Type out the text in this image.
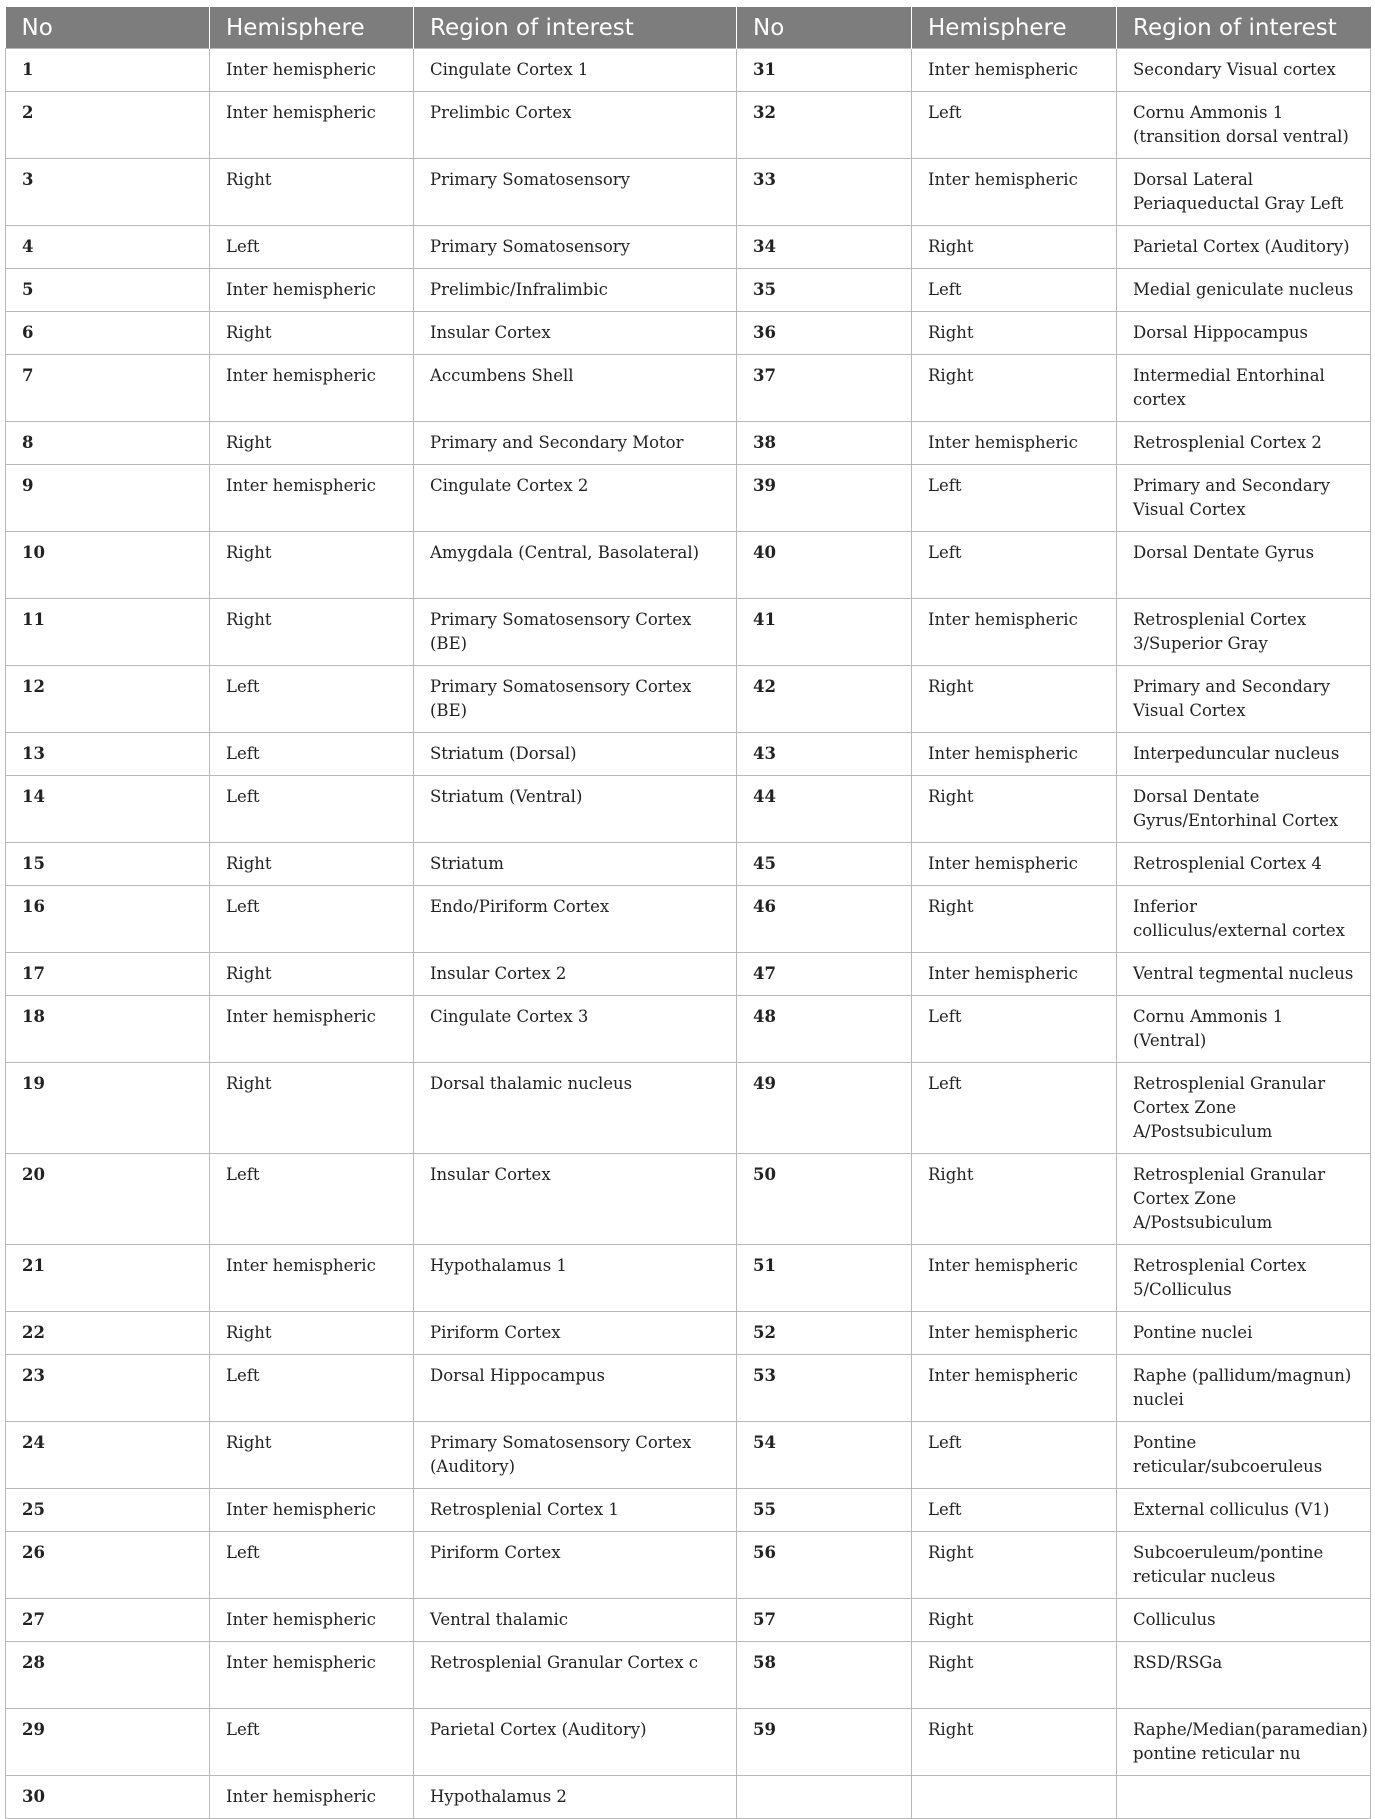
No	Hemisphere	Region of interest	No	Hemisphere	Region of interest
1	Inter hemispheric	Cingulate Cortex 1	31	Inter hemispheric	Secondary Visual cortex
2	Inter hemispheric	Prelimbic Cortex	32	Left	Cornu Ammonis 1 (transition dorsal ventral)
3	Right	Primary Somatosensory	33	Inter hemispheric	Dorsal Lateral Periaqueductal Gray Left
4	Left	Primary Somatosensory	34	Right	Parietal Cortex (Auditory)
5	Inter hemispheric	Prelimbic/Infralimbic	35	Left	Medial geniculate nucleus
6	Right	Insular Cortex	36	Right	Dorsal Hippocampus
7	Inter hemispheric	Accumbens Shell	37	Right	Intermedial Entorhinal cortex
8	Right	Primary and Secondary Motor	38	Inter hemispheric	Retrosplenial Cortex 2
9	Inter hemispheric	Cingulate Cortex 2	39	Left	Primary and Secondary Visual Cortex
10	Right	Amygdala (Central, Basolateral)	40	Left	Dorsal Dentate Gyrus
11	Right	Primary Somatosensory Cortex (BE)	41	Inter hemispheric	Retrosplenial Cortex 3/Superior Gray
12	Left	Primary Somatosensory Cortex (BE)	42	Right	Primary and Secondary Visual Cortex
13	Left	Striatum (Dorsal)	43	Inter hemispheric	Interpeduncular nucleus
14	Left	Striatum (Ventral)	44	Right	Dorsal Dentate Gyrus/Entorhinal Cortex
15	Right	Striatum	45	Inter hemispheric	Retrosplenial Cortex 4
16	Left	Endo/Piriform Cortex	46	Right	Inferior colliculus/external cortex
17	Right	Insular Cortex 2	47	Inter hemispheric	Ventral tegmental nucleus
18	Inter hemispheric	Cingulate Cortex 3	48	Left	Cornu Ammonis 1 (Ventral)
19	Right	Dorsal thalamic nucleus	49	Left	Retrosplenial Granular Cortex Zone A/Postsubiculum
20	Left	Insular Cortex	50	Right	Retrosplenial Granular Cortex Zone A/Postsubiculum
21	Inter hemispheric	Hypothalamus 1	51	Inter hemispheric	Retrosplenial Cortex 5/Colliculus
22	Right	Piriform Cortex	52	Inter hemispheric	Pontine nuclei
23	Left	Dorsal Hippocampus	53	Inter hemispheric	Raphe (pallidum/magnun) nuclei
24	Right	Primary Somatosensory Cortex (Auditory)	54	Left	Pontine reticular/subcoeruleus
25	Inter hemispheric	Retrosplenial Cortex 1	55	Left	External colliculus (V1)
26	Left	Piriform Cortex	56	Right	Subcoeruleum/pontine reticular nucleus
27	Inter hemispheric	Ventral thalamic	57	Right	Colliculus
28	Inter hemispheric	Retrosplenial Granular Cortex c	58	Right	RSD/RSGa
29	Left	Parietal Cortex (Auditory)	59	Right	Raphe/Median(paramedian) pontine reticular nu
30	Inter hemispheric	Hypothalamus 2			
